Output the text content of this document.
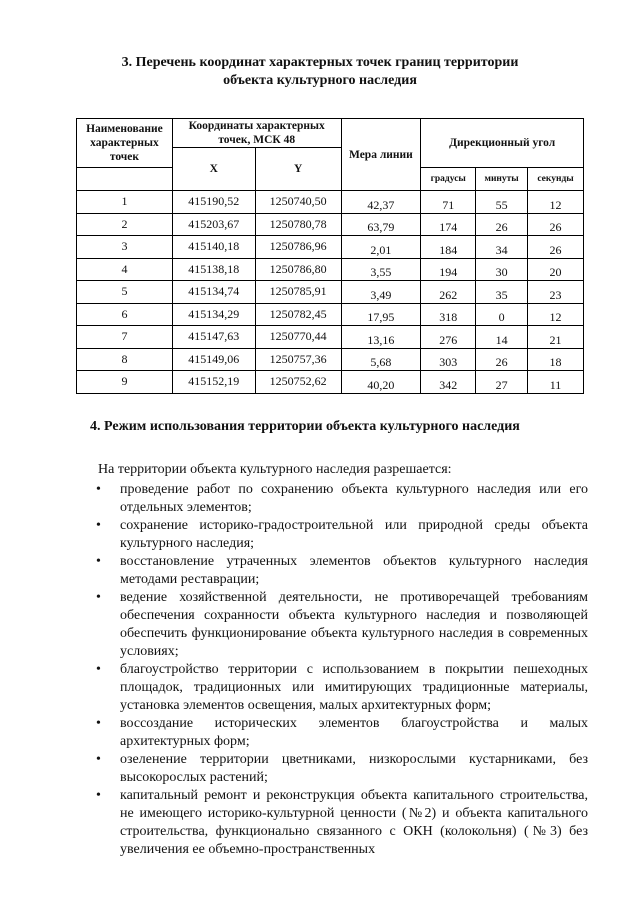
3. Перечень координат характерных точек границ территории
объекта культурного наследия
Наименование характерных точек	Координаты характерных точек, МСК 48		Мера линии	Дирекционный угол		
	X	Y				
				градусы	минуты	секунды
1	415190,52	1250740,50	42,37	71	55	12
2	415203,67	1250780,78	63,79	174	26	26
3	415140,18	1250786,96	2,01	184	34	26
4	415138,18	1250786,80	3,55	194	30	20
5	415134,74	1250785,91	3,49	262	35	23
6	415134,29	1250782,45	17,95	318	0	12
7	415147,63	1250770,44	13,16	276	14	21
8	415149,06	1250757,36	5,68	303	26	18
9	415152,19	1250752,62	40,20	342	27	11
4. Режим использования территории объекта культурного наследия

На территории объекта культурного наследия разрешается:

• проведение работ по сохранению объекта культурного наследия или его отдельных элементов;
• сохранение историко-градостроительной или природной среды объекта культурного наследия;
• восстановление утраченных элементов объектов культурного наследия методами реставрации;
• ведение хозяйственной деятельности, не противоречащей требованиям обеспечения сохранности объекта культурного наследия и позволяющей обеспечить функционирование объекта культурного наследия в современных условиях;
• благоустройство территории с использованием в покрытии пешеходных площадок, традиционных или имитирующих традиционные материалы, установка элементов освещения, малых архитектурных форм;
• воссоздание исторических элементов благоустройства и малых архитектурных форм;
• озеленение территории цветниками, низкорослыми кустарниками, без высокорослых растений;
• капитальный ремонт и реконструкция объекта капитального строительства, не имеющего историко-культурной ценности (№2) и объекта капитального строительства, функционально связанного с ОКН (колокольня) (№3) без увеличения ее объемно-пространственных
